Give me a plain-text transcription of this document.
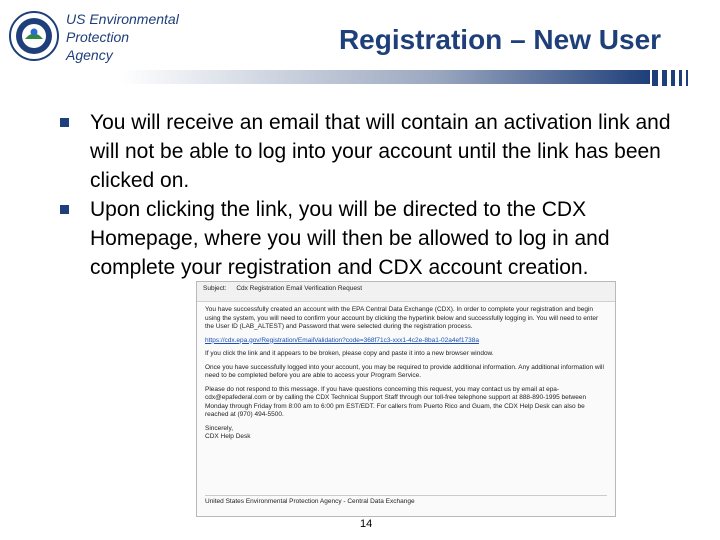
US Environmental
Protection
Agency	Registration – New User
You will receive an email that will contain an activation link and will not be able to log into your account until the link has been clicked on.
Upon clicking the link, you will be directed to the CDX Homepage, where you will then be allowed to log in and complete your registration and CDX account creation.
Subject: Cdx Registration Email Verification Request

You have successfully created an account with the EPA Central Data Exchange (CDX). In order to complete your registration and begin using the system, you will need to confirm your account by clicking the hyperlink below and successfully logging in. You will need to enter the User ID (LAB_ALTEST) and Password that were selected during the registration process.

https://cdx.epa.gov/Registration/EmailValidation?code=368f71c3-xxx1-4c2e-8ba1-02a4ef1738a

If you click the link and it appears to be broken, please copy and paste it into a new browser window.

Once you have successfully logged into your account, you may be required to provide additional information. Any additional information will need to be completed before you are able to access your Program Service.

Please do not respond to this message. If you have questions concerning this request, you may contact us by email at epa-cdx@epafederal.com or by calling the CDX Technical Support Staff through our toll-free telephone support at 888-890-1995 between Monday through Friday from 8:00 am to 6:00 pm EST/EDT. For callers from Puerto Rico and Guam, the CDX Help Desk can also be reached at (970) 494-5500.

Sincerely,
CDX Help Desk
United States Environmental Protection Agency - Central Data Exchange
14
